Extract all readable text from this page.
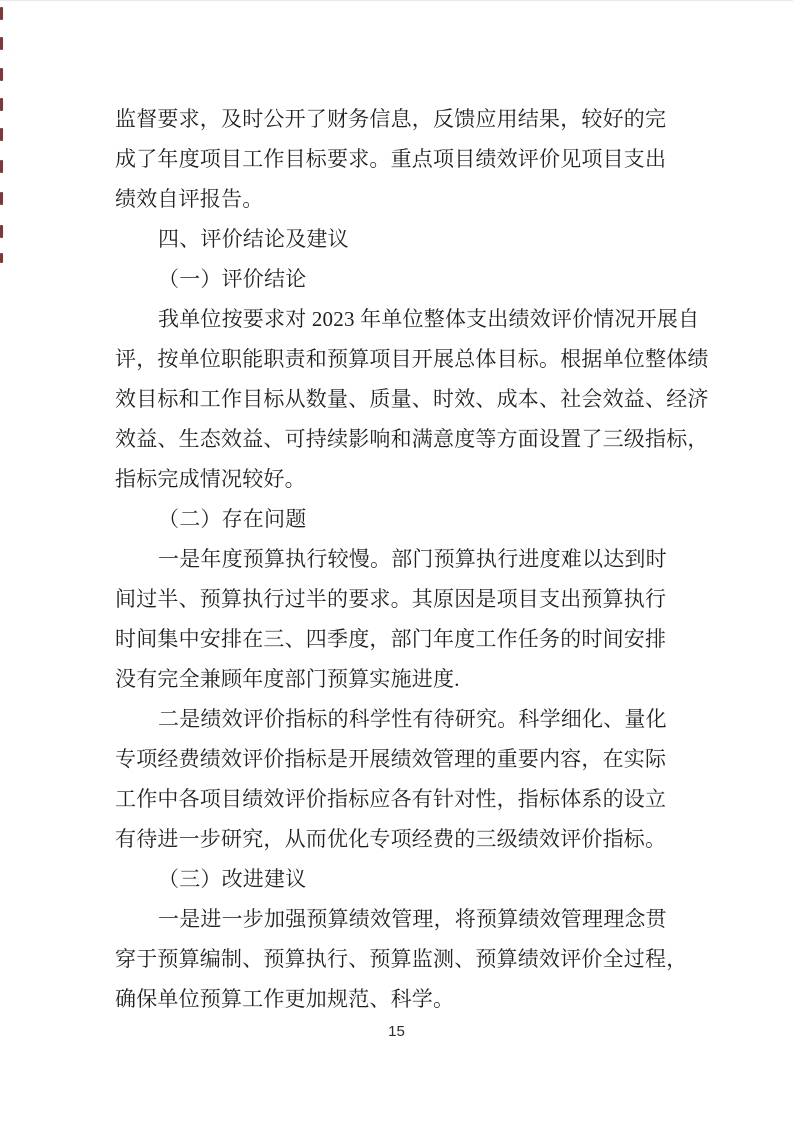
监督要求，及时公开了财务信息，反馈应用结果，较好的完
成了年度项目工作目标要求。重点项目绩效评价见项目支出
绩效自评报告。
四、评价结论及建议
（一）评价结论
我单位按要求对 2023 年单位整体支出绩效评价情况开展自
评，按单位职能职责和预算项目开展总体目标。根据单位整体绩
效目标和工作目标从数量、质量、时效、成本、社会效益、经济
效益、生态效益、可持续影响和满意度等方面设置了三级指标，
指标完成情况较好。
（二）存在问题
一是年度预算执行较慢。部门预算执行进度难以达到时
间过半、预算执行过半的要求。其原因是项目支出预算执行
时间集中安排在三、四季度，部门年度工作任务的时间安排
没有完全兼顾年度部门预算实施进度.
二是绩效评价指标的科学性有待研究。科学细化、量化
专项经费绩效评价指标是开展绩效管理的重要内容，在实际
工作中各项目绩效评价指标应各有针对性，指标体系的设立
有待进一步研究，从而优化专项经费的三级绩效评价指标。
（三）改进建议
一是进一步加强预算绩效管理，将预算绩效管理理念贯
穿于预算编制、预算执行、预算监测、预算绩效评价全过程，
确保单位预算工作更加规范、科学。
15
